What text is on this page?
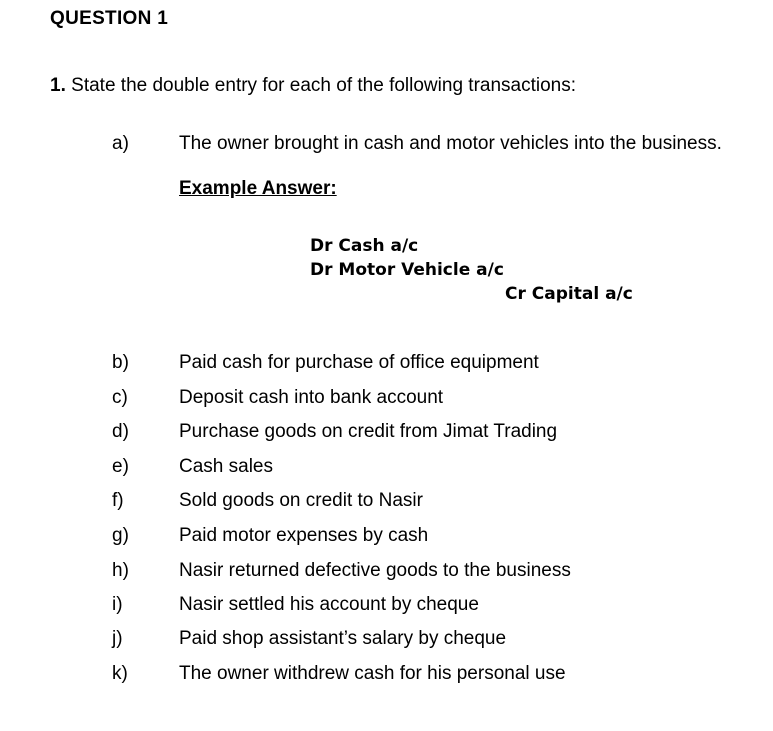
QUESTION 1
1. State the double entry for each of the following transactions:
a)	The owner brought in cash and motor vehicles into the business.
Example Answer:
Dr Cash a/c
Dr Motor Vehicle a/c
Cr Capital a/c
b)	Paid cash for purchase of office equipment
c)	Deposit cash into bank account
d)	Purchase goods on credit from Jimat Trading
e)	Cash sales
f)	Sold goods on credit to Nasir
g)	Paid motor expenses by cash
h)	Nasir returned defective goods to the business
i)	Nasir settled his account by cheque
j)	Paid shop assistant’s salary by cheque
k)	The owner withdrew cash for his personal use
